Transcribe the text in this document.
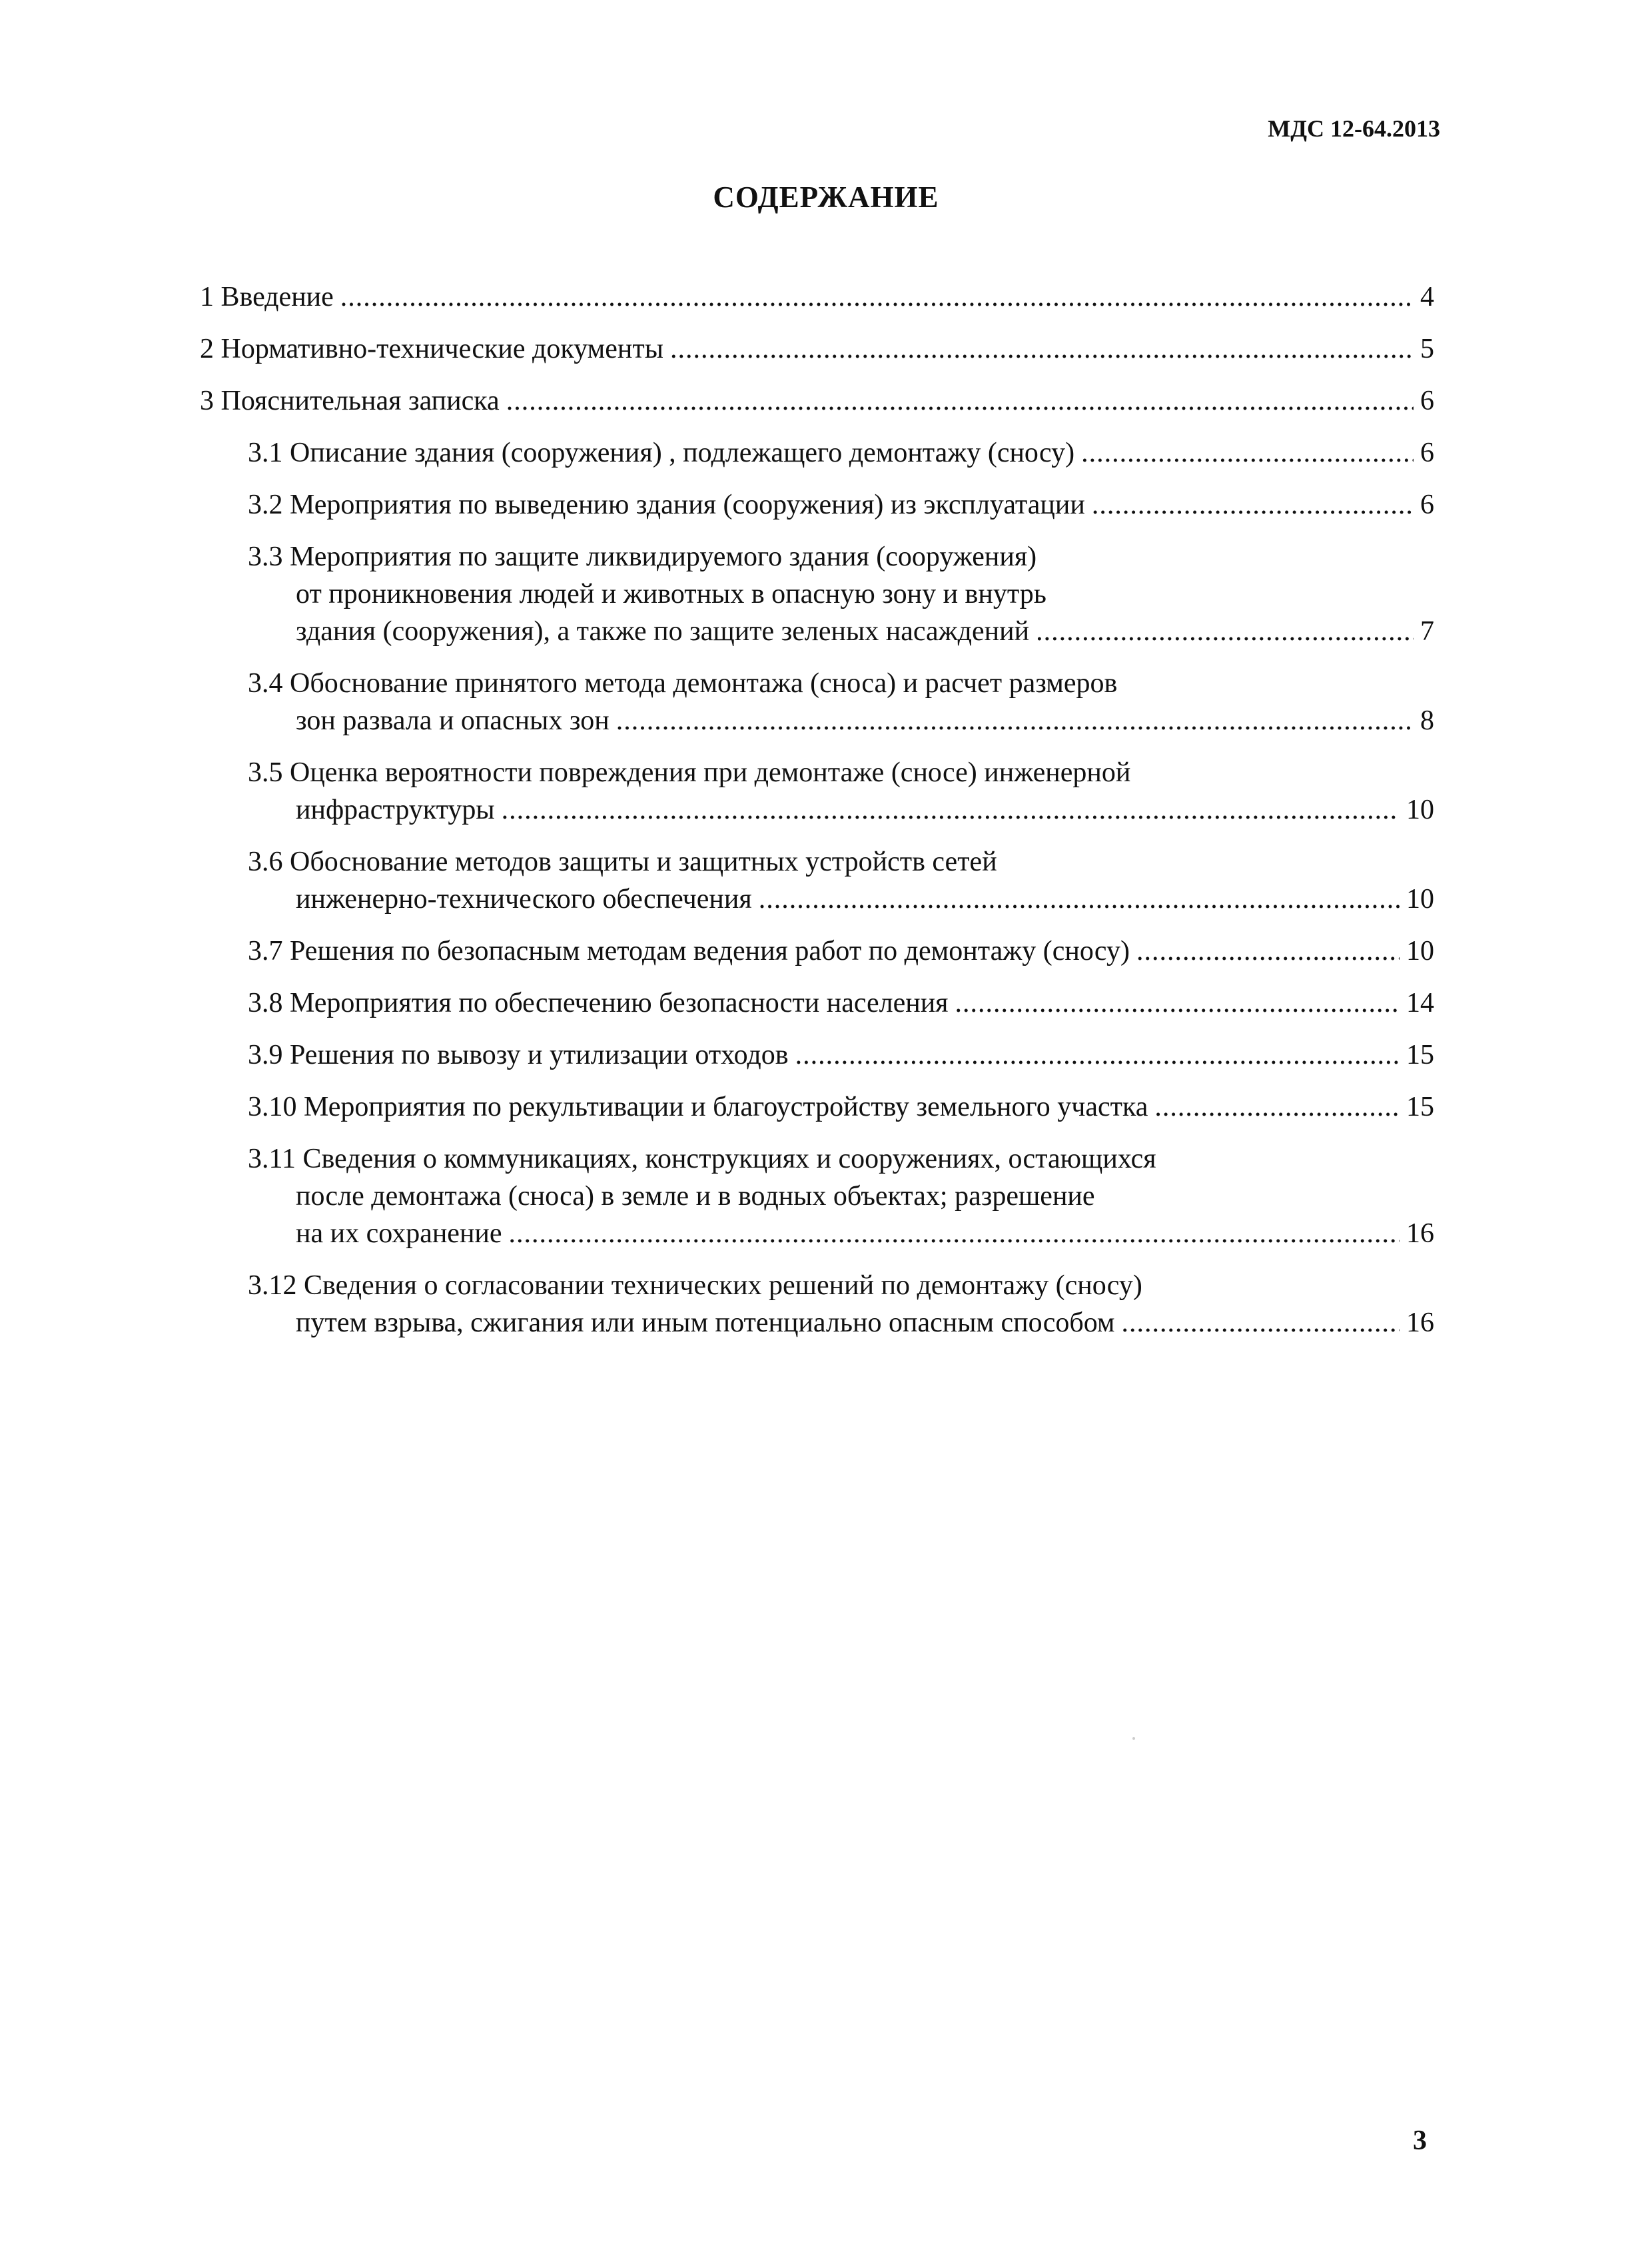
МДС 12-64.2013
СОДЕРЖАНИЕ
1 Введение .....	4
2 Нормативно-технические документы .....	5
3 Пояснительная записка .....	6
3.1 Описание здания (сооружения) , подлежащего демонтажу (сносу) .....	6
3.2 Мероприятия по выведению здания (сооружения) из эксплуатации .....	6
3.3 Мероприятия по защите ликвидируемого здания (сооружения)
от проникновения людей и животных в опасную зону и внутрь
здания (сооружения), а также по защите зеленых насаждений .....	7
3.4 Обоснование принятого метода демонтажа (сноса) и расчет размеров
зон развала и опасных зон .....	8
3.5 Оценка вероятности повреждения при демонтаже (сносе) инженерной
инфраструктуры .....	10
3.6 Обоснование методов защиты и защитных устройств сетей
инженерно-технического обеспечения .....	10
3.7 Решения по безопасным методам ведения работ по демонтажу (сносу) .....	10
3.8 Мероприятия по обеспечению безопасности населения .....	14
3.9 Решения по вывозу и утилизации отходов .....	15
3.10 Мероприятия по рекультивации и благоустройству земельного участка .....	15
3.11 Сведения о коммуникациях, конструкциях и сооружениях, остающихся
после демонтажа (сноса) в земле и в водных объектах; разрешение
на их сохранение .....	16
3.12 Сведения о согласовании технических решений по демонтажу (сносу)
путем взрыва, сжигания или иным потенциально опасным способом .....	16
3
